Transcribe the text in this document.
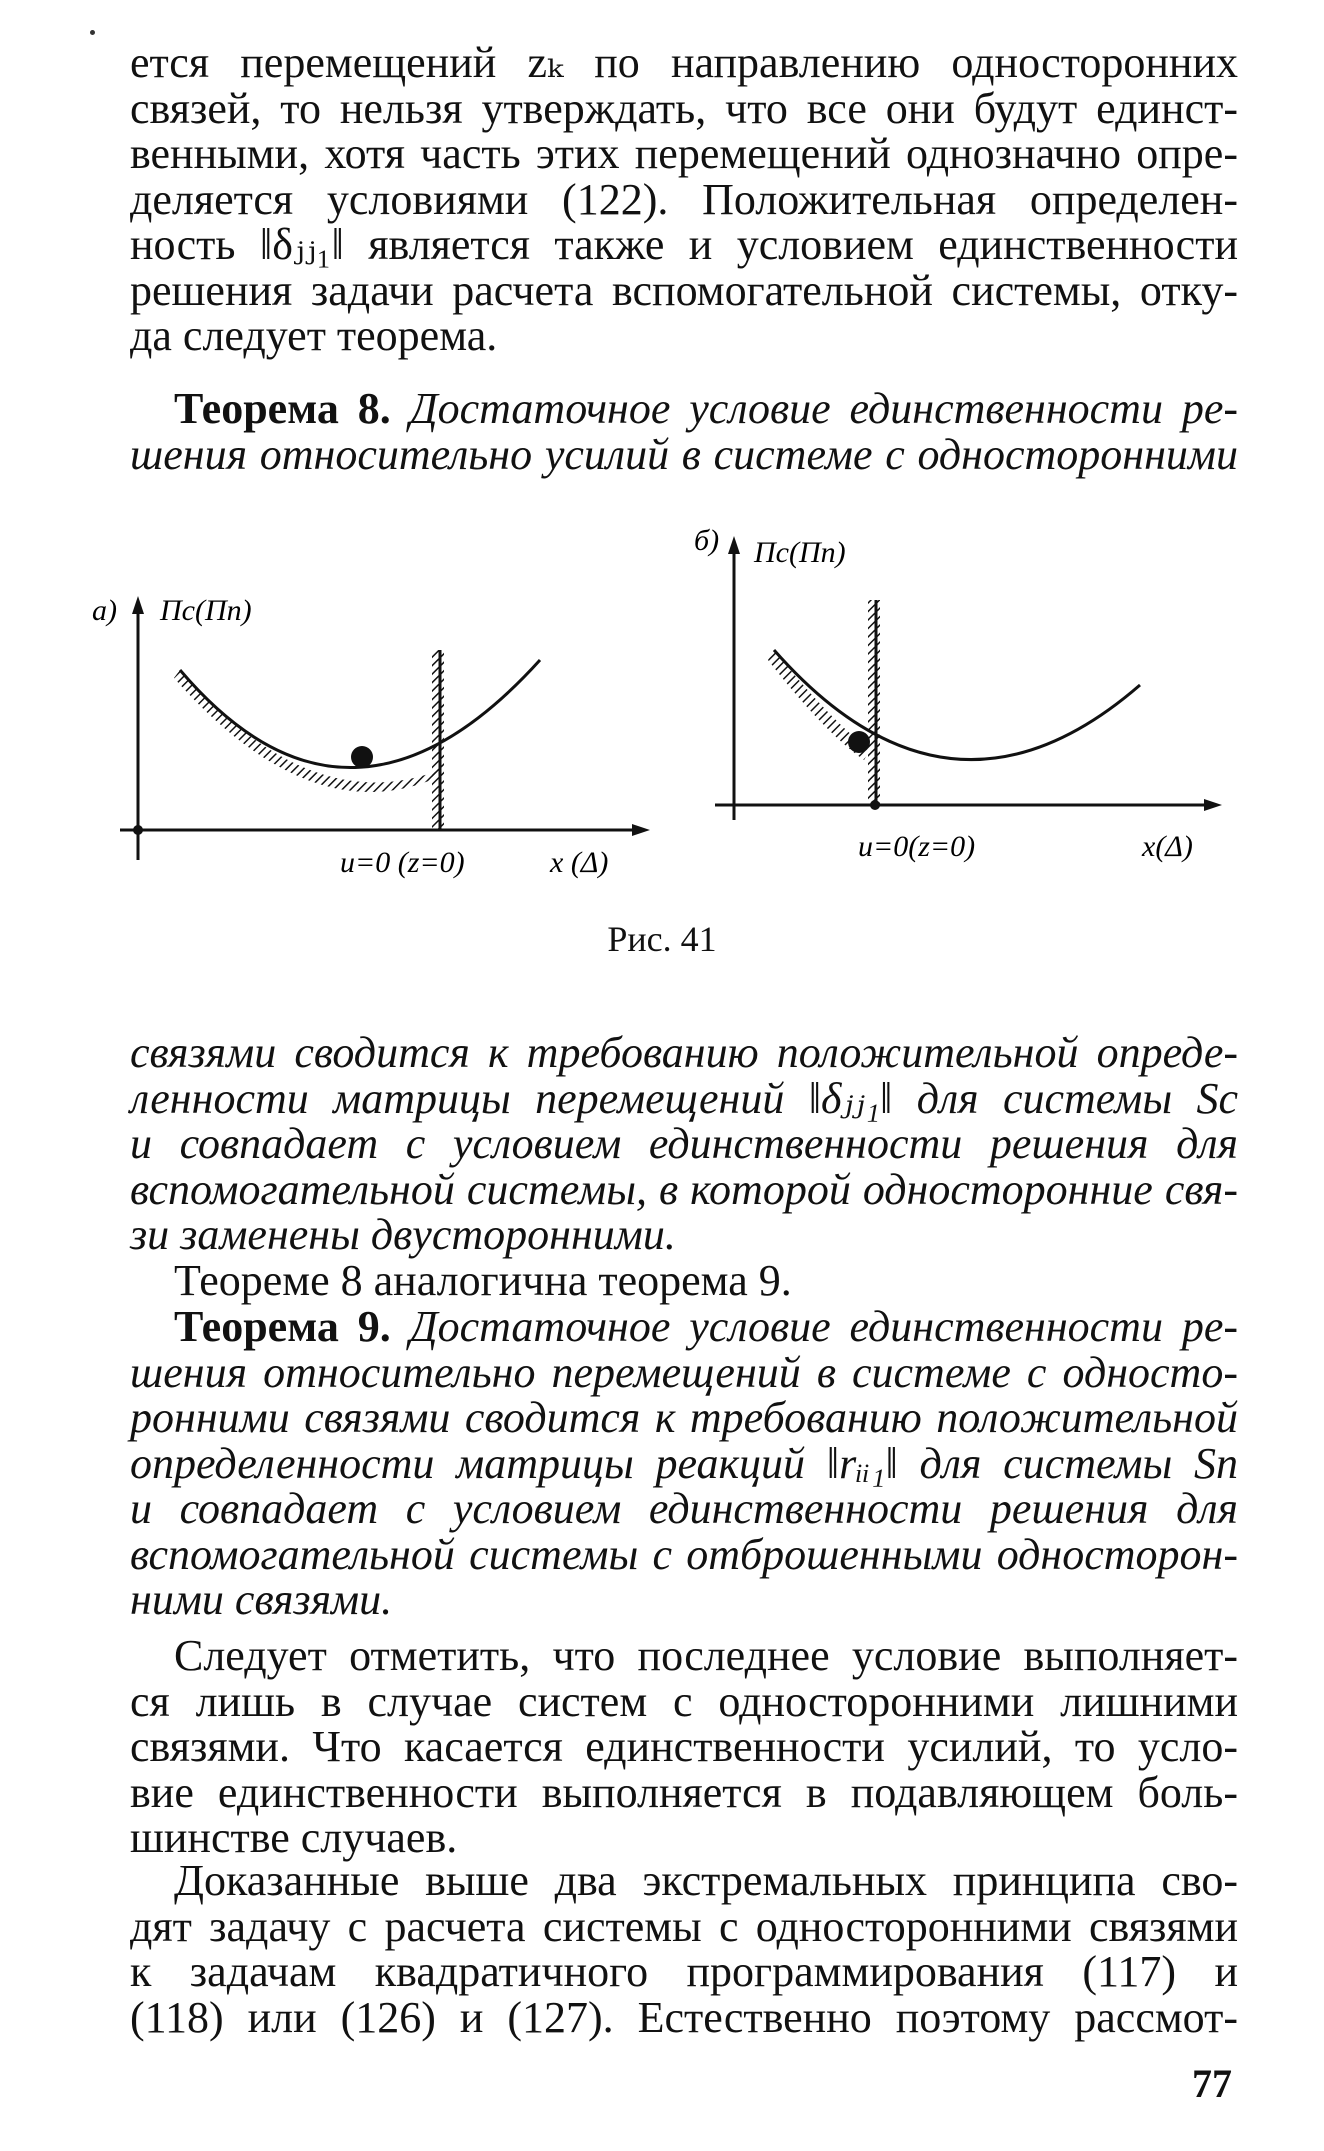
ется перемещений zₖ по направлению односторонних
связей, то нельзя утверждать, что все они будут единст-
венными, хотя часть этих перемещений однозначно опре-
деляется условиями (122). Положительная определен-
ность ‖δⱼⱼ₁‖ является также и условием единственности
решения задачи расчета вспомогательной системы, отку-
да следует теорема.
Теорема 8. Достаточное условие единственности ре-
шения относительно усилий в системе с односторонними
а) Пс(Пп)
u=0 (z=0)	x (Δ)
б) Пс(Пп)
u=0(z=0)	x(Δ)
Рис. 41
связями сводится к требованию положительной опреде-
ленности матрицы перемещений ‖δⱼⱼ₁‖ для системы Sс
и совпадает с условием единственности решения для
вспомогательной системы, в которой односторонние свя-
зи заменены двусторонними.
Теореме 8 аналогична теорема 9.
Теорема 9. Достаточное условие единственности ре-
шения относительно перемещений в системе с односто-
ронними связями сводится к требованию положительной
определенности матрицы реакций ‖rᵢᵢ₁‖ для системы Sп
и совпадает с условием единственности решения для
вспомогательной системы с отброшенными односторон-
ними связями.
Следует отметить, что последнее условие выполняет-
ся лишь в случае систем с односторонними лишними
связями. Что касается единственности усилий, то усло-
вие единственности выполняется в подавляющем боль-
шинстве случаев.
Доказанные выше два экстремальных принципа сво-
дят задачу с расчета системы с односторонними связями
к задачам квадратичного программирования (117) и
(118) или (126) и (127). Естественно поэтому рассмот-
77
